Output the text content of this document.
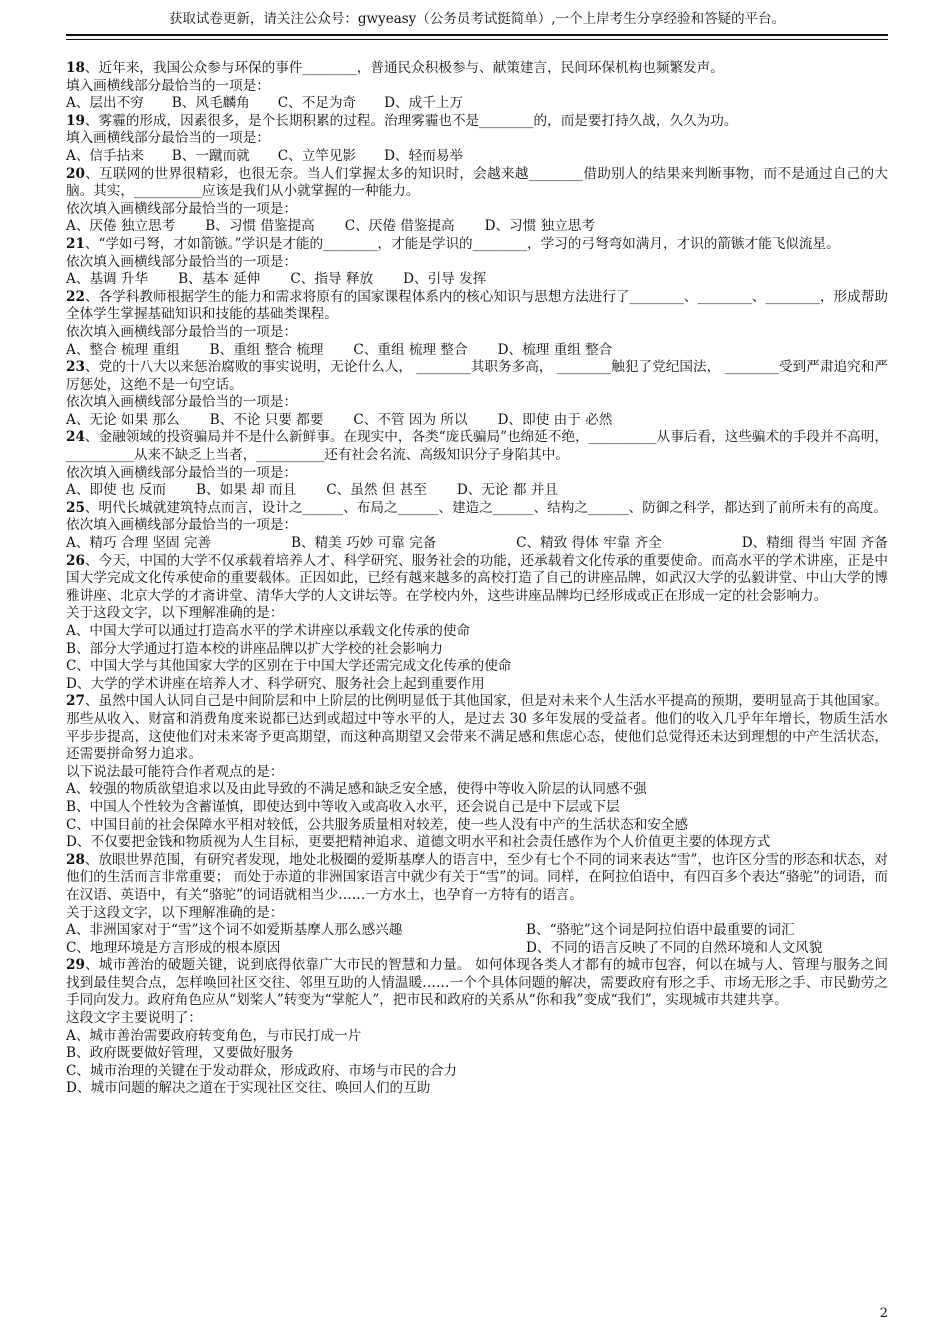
获取试卷更新，请关注公众号：gwyeasy（公务员考试挺简单）,一个上岸考生分享经验和答疑的平台。

18、近年来，我国公众参与环保的事件________，普通民众积极参与、献策建言，民间环保机构也频繁发声。

填入画横线部分最恰当的一项是：

A、层出不穷 B、风毛麟角 C、不足为奇 D、成千上万

19、雾霾的形成，因素很多，是个长期积累的过程。治理雾霾也不是________的，而是要打持久战，久久为功。

填入画横线部分最恰当的一项是：

A、信手拈来 B、一蹴而就 C、立竿见影 D、轻而易举

20、互联网的世界很精彩，也很无奈。当人们掌握太多的知识时，会越来越________借助别人的结果来判断事物，而不是通过自己的大脑。其实，__________应该是我们从小就掌握的一种能力。

依次填入画横线部分最恰当的一项是：

A、厌倦 独立思考 B、习惯 借鉴提高 C、厌倦 借鉴提高 D、习惯 独立思考

21、“学如弓弩，才如箭镞。”学识是才能的________，才能是学识的________，学习的弓弩弯如满月，才识的箭镞才能飞似流星。

依次填入画横线部分最恰当的一项是：

A、基调 升华 B、基本 延伸 C、指导 释放 D、引导 发挥

22、各学科教师根据学生的能力和需求将原有的国家课程体系内的核心知识与思想方法进行了________、________、________，形成帮助全体学生掌握基础知识和技能的基础类课程。

依次填入画横线部分最恰当的一项是：

A、整合 梳理 重组 B、重组 整合 梳理 C、重组 梳理 整合 D、梳理 重组 整合

23、党的十八大以来惩治腐败的事实说明，无论什么人， ________其职务多高， ________触犯了党纪国法， ________受到严肃追究和严厉惩处，这绝不是一句空话。

依次填入画横线部分最恰当的一项是：

A、无论 如果 那么 B、不论 只要 都要 C、不管 因为 所以 D、即使 由于 必然

24、金融领域的投资骗局并不是什么新鲜事。在现实中，各类“庞氏骗局”也绵延不绝，__________从事后看，这些骗术的手段并不高明，__________从来不缺乏上当者，__________还有社会名流、高级知识分子身陷其中。

依次填入画横线部分最恰当的一项是：

A、即使 也 反而 B、如果 却 而且 C、虽然 但 甚至 D、无论 都 并且

25、明代长城就建筑特点而言，设计之______、布局之______、建造之______、结构之______、防御之科学，都达到了前所未有的高度。

依次填入画横线部分最恰当的一项是：

A、精巧 合理 坚固 完善	B、精美 巧妙 可靠 完备	C、精致 得体 牢靠 齐全	D、精细 得当 牢固 齐备

26、今天，中国的大学不仅承载着培养人才、科学研究、服务社会的功能，还承载着文化传承的重要使命。而高水平的学术讲座，正是中国大学完成文化传承使命的重要载体。正因如此，已经有越来越多的高校打造了自己的讲座品牌，如武汉大学的弘毅讲堂、中山大学的博雅讲座、北京大学的才斋讲堂、清华大学的人文讲坛等。在学校内外，这些讲座品牌均已经形成或正在形成一定的社会影响力。

关于这段文字，以下理解准确的是：

A、中国大学可以通过打造高水平的学术讲座以承载文化传承的使命

B、部分大学通过打造本校的讲座品牌以扩大学校的社会影响力

C、中国大学与其他国家大学的区别在于中国大学还需完成文化传承的使命

D、大学的学术讲座在培养人才、科学研究、服务社会上起到重要作用

27、虽然中国人认同自己是中间阶层和中上阶层的比例明显低于其他国家，但是对未来个人生活水平提高的预期，要明显高于其他国家。那些从收入、财富和消费角度来说都已达到或超过中等水平的人，是过去 30 多年发展的受益者。他们的收入几乎年年增长，物质生活水平步步提高，这使他们对未来寄予更高期望，而这种高期望又会带来不满足感和焦虑心态，使他们总觉得还未达到理想的中产生活状态，还需要拼命努力追求。

以下说法最可能符合作者观点的是：

A、较强的物质欲望追求以及由此导致的不满足感和缺乏安全感，使得中等收入阶层的认同感不强

B、中国人个性较为含蓄谨慎，即使达到中等收入或高收入水平，还会说自己是中下层或下层

C、中国目前的社会保障水平相对较低，公共服务质量相对较差，使一些人没有中产的生活状态和安全感

D、不仅要把金钱和物质视为人生目标，更要把精神追求、道德文明水平和社会责任感作为个人价值更主要的体现方式

28、放眼世界范围，有研究者发现，地处北极圈的爱斯基摩人的语言中，至少有七个不同的词来表达“雪”，也许区分雪的形态和状态，对他们的生活而言非常重要； 而处于赤道的非洲国家语言中就少有关于“雪”的词。同样，在阿拉伯语中，有四百多个表达“骆驼”的词语，而在汉语、英语中，有关“骆驼”的词语就相当少……一方水土，也孕育一方特有的语言。

关于这段文字，以下理解准确的是：

A、非洲国家对于“雪”这个词不如爱斯基摩人那么感兴趣	B、“骆驼”这个词是阿拉伯语中最重要的词汇
C、地理环境是方言形成的根本原因	D、不同的语言反映了不同的自然环境和人文风貌

29、城市善治的破题关键，说到底得依靠广大市民的智慧和力量。 如何体现各类人才都有的城市包容，何以在城与人、管理与服务之间找到最佳契合点，怎样唤回社区交往、邻里互助的人情温暖……一个个具体问题的解决，需要政府有形之手、市场无形之手、市民勤劳之手同向发力。政府角色应从“划桨人”转变为“掌舵人”，把市民和政府的关系从“你和我”变成“我们”，实现城市共建共享。

这段文字主要说明了：

A、城市善治需要政府转变角色，与市民打成一片

B、政府既要做好管理，又要做好服务

C、城市治理的关键在于发动群众，形成政府、市场与市民的合力

D、城市问题的解决之道在于实现社区交往、唤回人们的互助

2
